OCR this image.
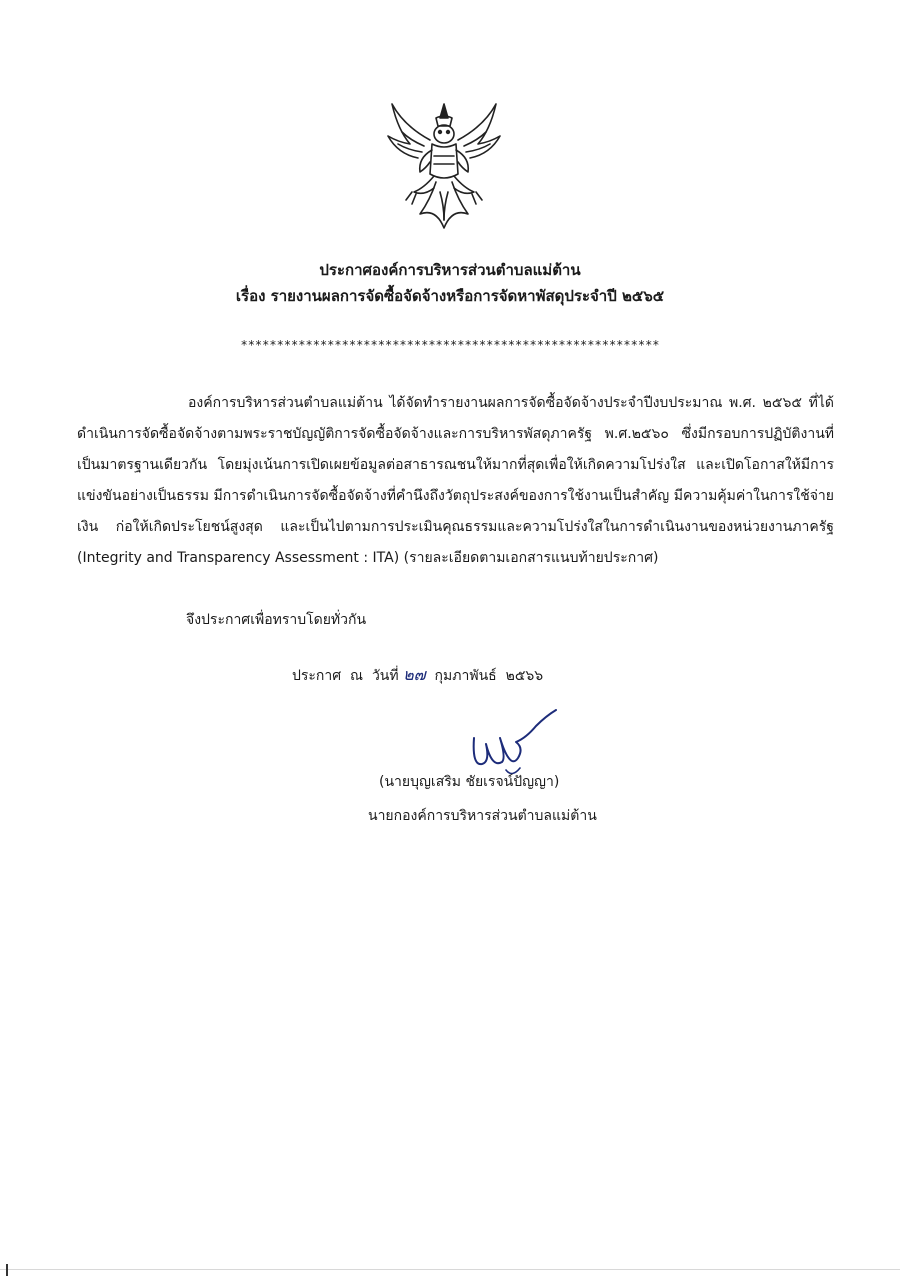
ประกาศองค์การบริหารส่วนตำบลแม่ต้าน
เรื่อง รายงานผลการจัดซื้อจัดจ้างหรือการจัดหาพัสดุประจำปี ๒๕๖๕
**********************************************************

องค์การบริหารส่วนตำบลแม่ต้าน ได้จัดทำรายงานผลการจัดซื้อจัดจ้างประจำปีงบประมาณ พ.ศ. ๒๕๖๕ ที่ได้ดำเนินการจัดซื้อจัดจ้างตามพระราชบัญญัติการจัดซื้อจัดจ้างและการบริหารพัสดุภาครัฐ พ.ศ.๒๕๖๐ ซึ่งมีกรอบการปฏิบัติงานที่เป็นมาตรฐานเดียวกัน โดยมุ่งเน้นการเปิดเผยข้อมูลต่อสาธารณชนให้มากที่สุดเพื่อให้เกิดความโปร่งใส และเปิดโอกาสให้มีการแข่งขันอย่างเป็นธรรม มีการดำเนินการจัดซื้อจัดจ้างที่คำนึงถึงวัตถุประสงค์ของการใช้งานเป็นสำคัญ มีความคุ้มค่าในการใช้จ่ายเงิน ก่อให้เกิดประโยชน์สูงสุด และเป็นไปตามการประเมินคุณธรรมและความโปร่งใสในการดำเนินงานของหน่วยงานภาครัฐ (Integrity and Transparency Assessment : ITA) (รายละเอียดตามเอกสารแนบท้ายประกาศ)

จึงประกาศเพื่อทราบโดยทั่วกัน
ประกาศ  ณ  วันที่ ๒๗ กุมภาพันธ์  ๒๕๖๖
(นายบุญเสริม ชัยเรจน์ปัญญา)
นายกองค์การบริหารส่วนตำบลแม่ต้าน
